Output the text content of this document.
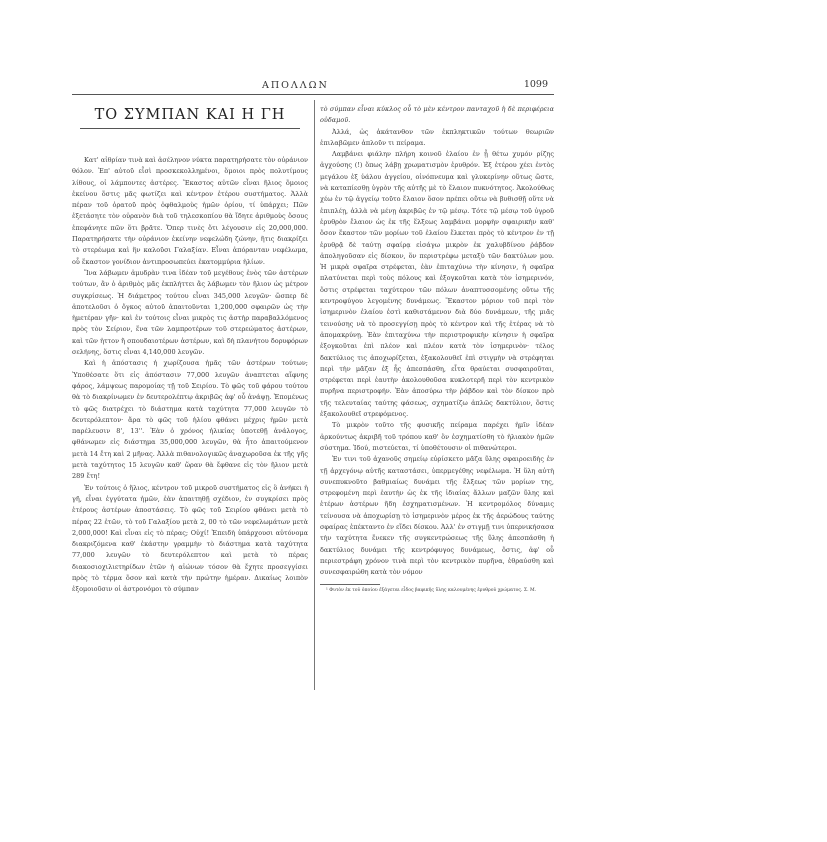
ΑΠΟΛΛΩΝ	1099
ΤΟ ΣΥΜΠΑΝ ΚΑΙ Η ΓΗ

Κατ' αἰθρίαν τινὰ καὶ ἀσέληνον νύκτα παρατηρήσατε τὸν οὐράνιον θόλον. Ἐπ' αὐτοῦ εἶσὶ προσκεκολλημένοι, ὅμοιοι πρὸς πολυτίμους λίθους, οἱ λάμποντες ἀστέρες. Ἕκαστος αὐτῶν εἶναι ἥλιος ὅμοιος ἐκείνου ὅστις μᾶς φωτίζει καὶ κέντρον ἑτέρου συστήματος. Ἀλλὰ πέραν τοῦ ὁρατοῦ πρὸς ὀφθαλμοὺς ἡμῶν ὁρίου, τί ὑπάρχει; Πῶν ἐξετάσητε τὸν οὐρανὸν διὰ τοῦ τηλεσκοπίου θὰ ἴδητε ἀριθμοὺς ὅσους ἐπεφάνητε πῶν ὅτι βρᾶτε. Ὅπερ τινὲς ὅτι λέγουσιν εἰς 20,000,000. Παρατηρήσατε τὴν οὐράνιον ἐκείνην νεφελώδη ζώνην, ἥτις διακρίζει τὸ στερέωμα καὶ ἣν καλοῦσι Γαλαξίαν. Εἶναι ἀπόρανταν νεφέλωμα, οὗ ἕκαστον γονίδιον ἀντιπροσωπεύει ἑκατομμύρια ἡλίων.

Ἵνα λάβωμεν ἀμυδρὰν τινα ἰδέαν τοῦ μεγέθους ἑνὸς τῶν ἀστέρων τούτων, ἂν ὁ ἀριθμὸς μᾶς ἐκπλήττει ἂς λάβωμεν τὸν ἥλιον ὡς μέτρον συγκρίσεως. Ἡ διάμετρος τούτου εἶναι 345,000 λευγῶν· ὥσπερ δὲ ἀποτελοῦσι ὁ ὄγκος αὐτοῦ ἀπαιτοῦνται 1,200,000 σφαιρῶν ὡς τὴν ἡμετέραν γῆν· καὶ ἐν τούτοις εἶναι μικρὸς τις ἀστὴρ παραβαλλόμενος πρὸς τὸν Σείριον, ἕνα τῶν λαμπροτέρων τοῦ στερεώματος ἀστέρων, καὶ τῶν ἡττον ἢ σπουδαιοτέρων ἀστέρων, καὶ δὴ πλανήτου δορυφόρων σελήνης, ὅστις εἶναι 4,140,000 λευγῶν.

Καὶ ἡ ἀπόστασις ἡ χωρίζουσα ἡμᾶς τῶν ἀστέρων τούτων; Ὑποθέσατε ὅτι εἰς ἀπόστασιν 77,000 λευγῶν ἀναπτεται αἴφνης φάρος, λάμψεως παρομοίας τῇ τοῦ Σειρίου. Τὸ φῶς τοῦ φάρου τούτου θὰ τὸ διακρίνωμεν ἐν δευτερολέπτῳ ἀκριβῶς ἀφ' οὗ ἀνάψῃ. Ἐπομένως τὸ φῶς διατρέχει τὸ διάστημα κατὰ ταχύτητα 77,000 λευγῶν τὸ δευτερόλεπτον· ἄρα τὸ φῶς τοῦ ἡλίου φθάνει μέχρις ἡμῶν μετὰ παρέλευσιν 8', 13''. Ἐὰν ὁ χρόνος ἡλικίας ὑποτεθῇ ἀνάλογος, φθάνωμεν εἰς διάστημα 35,000,000 λευγῶν, θὰ ἦτο ἀπαιτούμενον μετὰ 14 ἔτη καὶ 2 μῆνας. Ἀλλὰ πιθανολογικῶς ἀναχωροῦσα ἐκ τῆς γῆς μετὰ ταχύτητος 15 λευγῶν καθ' ὥραν θὰ ἔφθανε εἰς τὸν ἥλιον μετὰ 289 ἔτη!

Ἐν τούτοις ὁ ἥλιος, κέντρον τοῦ μικροῦ συστήματος εἰς ὃ ἀνήκει ἡ γῆ, εἶναι ἐγγύτατα ἡμῶν, ἐὰν ἀπαιτηθῇ σχέδιον, ἐν συγκρίσει πρὸς ἑτέρους ἀστέρων ἀποστάσεις. Τὸ φῶς τοῦ Σειρίου φθάνει μετὰ τὸ πέρας 22 ἐτῶν, τὸ τοῦ Γαλαξίου μετὰ 2, 00 τὸ τῶν νεφελωμάτων μετὰ 2,000,000! Καὶ εἶναι εἰς τὸ πέρας; Οὐχί! Ἐπειδὴ ὑπάρχουσι αὐτόνομα διακριζόμενα καθ' ἑκάστην γραμμὴν τὸ διάστημα κατὰ ταχύτητα 77,000 λευγῶν τὸ δευτερόλεπτον καὶ μετὰ τὸ πέρας διακοσιοχιλιετηρίδων ἐτῶν ἡ αἰώνων τόσον θὰ ἔχητε προσεγγίσει πρὸς τὸ τέρμα ὅσον καὶ κατὰ τὴν πρώτην ἡμέραν. Δικαίως λοιπὸν ἐξομοιοῦσιν οἱ ἀστρονόμοι τὸ σύμπαν

τὸ σύμπαν εἶναι κύκλος οὗ τὸ μὲν κέντρον πανταχοῦ ἡ δὲ περιφέρεια οὐδαμοῦ.

Ἀλλά, ὡς ἀκάτανθον τῶν ἐκπληκτικῶν τούτων θεωριῶν ἐπιλαβῶμεν ἁπλοῦν τι πείραμα.

Λαμβάνει φιάλην πλήρη κοινοῦ ἐλαίου ἐν ᾗ θέτω χυμόν ρίζης ἀγχούσης (!) ὅπως λάβῃ χρωματισμὸν ἐρυθρόν. Ἐξ ἑτέρου χέει ἐντὸς μεγάλου ἐξ ὑάλου ἀγγείου, οἰνόπνευμα καὶ γλυκερίνην οὕτως ὥστε, νὰ καταπίεσθῃ ὑγρὸν τῆς αὐτῆς μὲ τὸ ἔλαιον πυκνότητος. Ἀκολούθως χέω ἐν τῷ ἀγγείῳ τοῦτο ἔλαιον ὅσον πρέπει οὕτω νὰ βυθισθῇ οὕτε νὰ ἐπιπλέῃ, ἀλλὰ νὰ μένῃ ἀκριβῶς ἐν τῷ μέσῳ. Τότε τῷ μέσῳ τοῦ ὑγροῦ ἐρυθρὸν ἔλαιον ὡς ἐκ τῆς ἕλξεως λαμβάνει μορφὴν σφαιρικὴν καθ' ὅσον ἕκαστον τῶν μορίων τοῦ ἐλαίου ἕλκεται πρὸς τὸ κέντρον ἐν τῇ ἐρυθρᾷ δὲ ταύτῃ σφαίρᾳ εἰσάγω μικρὸν ἐκ χαλυβδίνου ῥάβδον ἀποληγοῦσαν εἰς δίσκον, ὅν περιστρέφω μεταξὺ τῶν δακτύλων μου. Ἡ μικρὰ σφαῖρα στρέφεται, ἐὰν ἐπιταχύνω τὴν κίνησιν, ἡ σφαῖρα πλατύνεται περὶ τοὺς πόλους καὶ ἐξογκοῦται κατὰ τὸν ἰσημερινόν, ὅστις στρέφεται ταχύτερον τῶν πόλων ἀναπτυσσομένης οὕτω τῆς κεντροφύγου λεγομένης δυνάμεως. Ἕκαστον μόριον τοῦ περὶ τὸν ἰσημερινὸν ἐλαίου ἐστὶ καθιστάμενον διὰ δύο δυνάμεων, τῆς μιᾶς τεινούσης νὰ τὸ προσεγγίσῃ πρὸς τὸ κέντρον καὶ τῆς ἑτέρας νὰ τὸ ἀπομακρύνῃ. Ἐὰν ἐπιταχύνω τὴν περιστροφικὴν κίνησιν ἡ σφαῖρα ἐξογκοῦται ἐπὶ πλέον καὶ πλέον κατὰ τὸν ἰσημερινὸν· τέλος δακτύλιος τις ἀποχωρίζεται, ἐξακολουθεῖ ἐπὶ στιγμὴν νὰ στρέφηται περὶ τὴν μᾶζαν ἐξ ἧς ἀπεσπάσθη, εἶτα θραύεται συσφαιροῦται, στρέφεται περὶ ἑαυτὴν ἀκολουθοῦσα κυκλοτερῆ περὶ τὸν κεντρικὸν πυρῆνα περιστροφήν. Ἐὰν ἀποσύρω τὴν ῥάβδον καὶ τὸν δίσκον πρὸ τῆς τελευταίας ταύτης φάσεως, σχηματίζω ἁπλῶς δακτύλιον, ὅστις ἐξακολουθεῖ στρεφόμενος.

Τὸ μικρὸν τοῦτο τῆς φυσικῆς πείραμα παρέχει ἡμῖν ἰδέαν ἀρκούντως ἀκριβῆ τοῦ τρόπου καθ' ὃν ἐσχηματίσθη τὸ ἡλιακὸν ἡμῶν σύστημα. Ἰδού, πιστεύεται, τί ὑποθέτουσιν οἱ πιθανώτεροι.

Ἐν τινι τοῦ ἀχανοῦς σημείῳ εὑρίσκετο μᾶζα ὕλης σφαιροειδὴς ἐν τῇ ἀρχεγόνῳ αὐτῆς καταστάσει, ὑπερμεγέθης νεφέλωμα. Ἡ ὕλη αὐτὴ συνεπυκνοῦτο βαθμιαίως δυνάμει τῆς ἕλξεως τῶν μορίων της, στρεφομένη περὶ ἑαυτὴν ὡς ἐκ τῆς ἰδιαίας ἄλλων μαζῶν ὕλης καὶ ἑτέρων ἀστέρων ἤδη ἐσχηματισμένων. Ἡ κεντρομόλος δύναμις τείνουσα νὰ ἀποχωρίσῃ τὸ ἰσημερινὸν μέρος ἐκ τῆς ἀερώδους ταύτης σφαίρας ἐπέκταντο ἐν εἴδει δίσκου. Ἀλλ' ἐν στιγμῇ τινι ὑπερνικήσασα τὴν ταχύτητα ἕνεκεν τῆς συγκεντρώσεως τῆς ὕλης ἀπεσπάσθη ἡ δακτύλιος δυνάμει τῆς κεντρόφυγος δυνάμεως, ὅστις, ἀφ' οὗ περιεστράφη χρόνον τινὰ περὶ τὸν κεντρικὸν πυρῆνα, ἐθραύσθη καὶ συνεσφαιρώθη κατὰ τὸν νόμον

¹ Φυτὸν ἐκ τοῦ ὁποίου ἐξάγεται εἶδος βαφικῆς ὕλης καλουμένης ἐρυθροῦ χρώματος. Σ. Μ.
